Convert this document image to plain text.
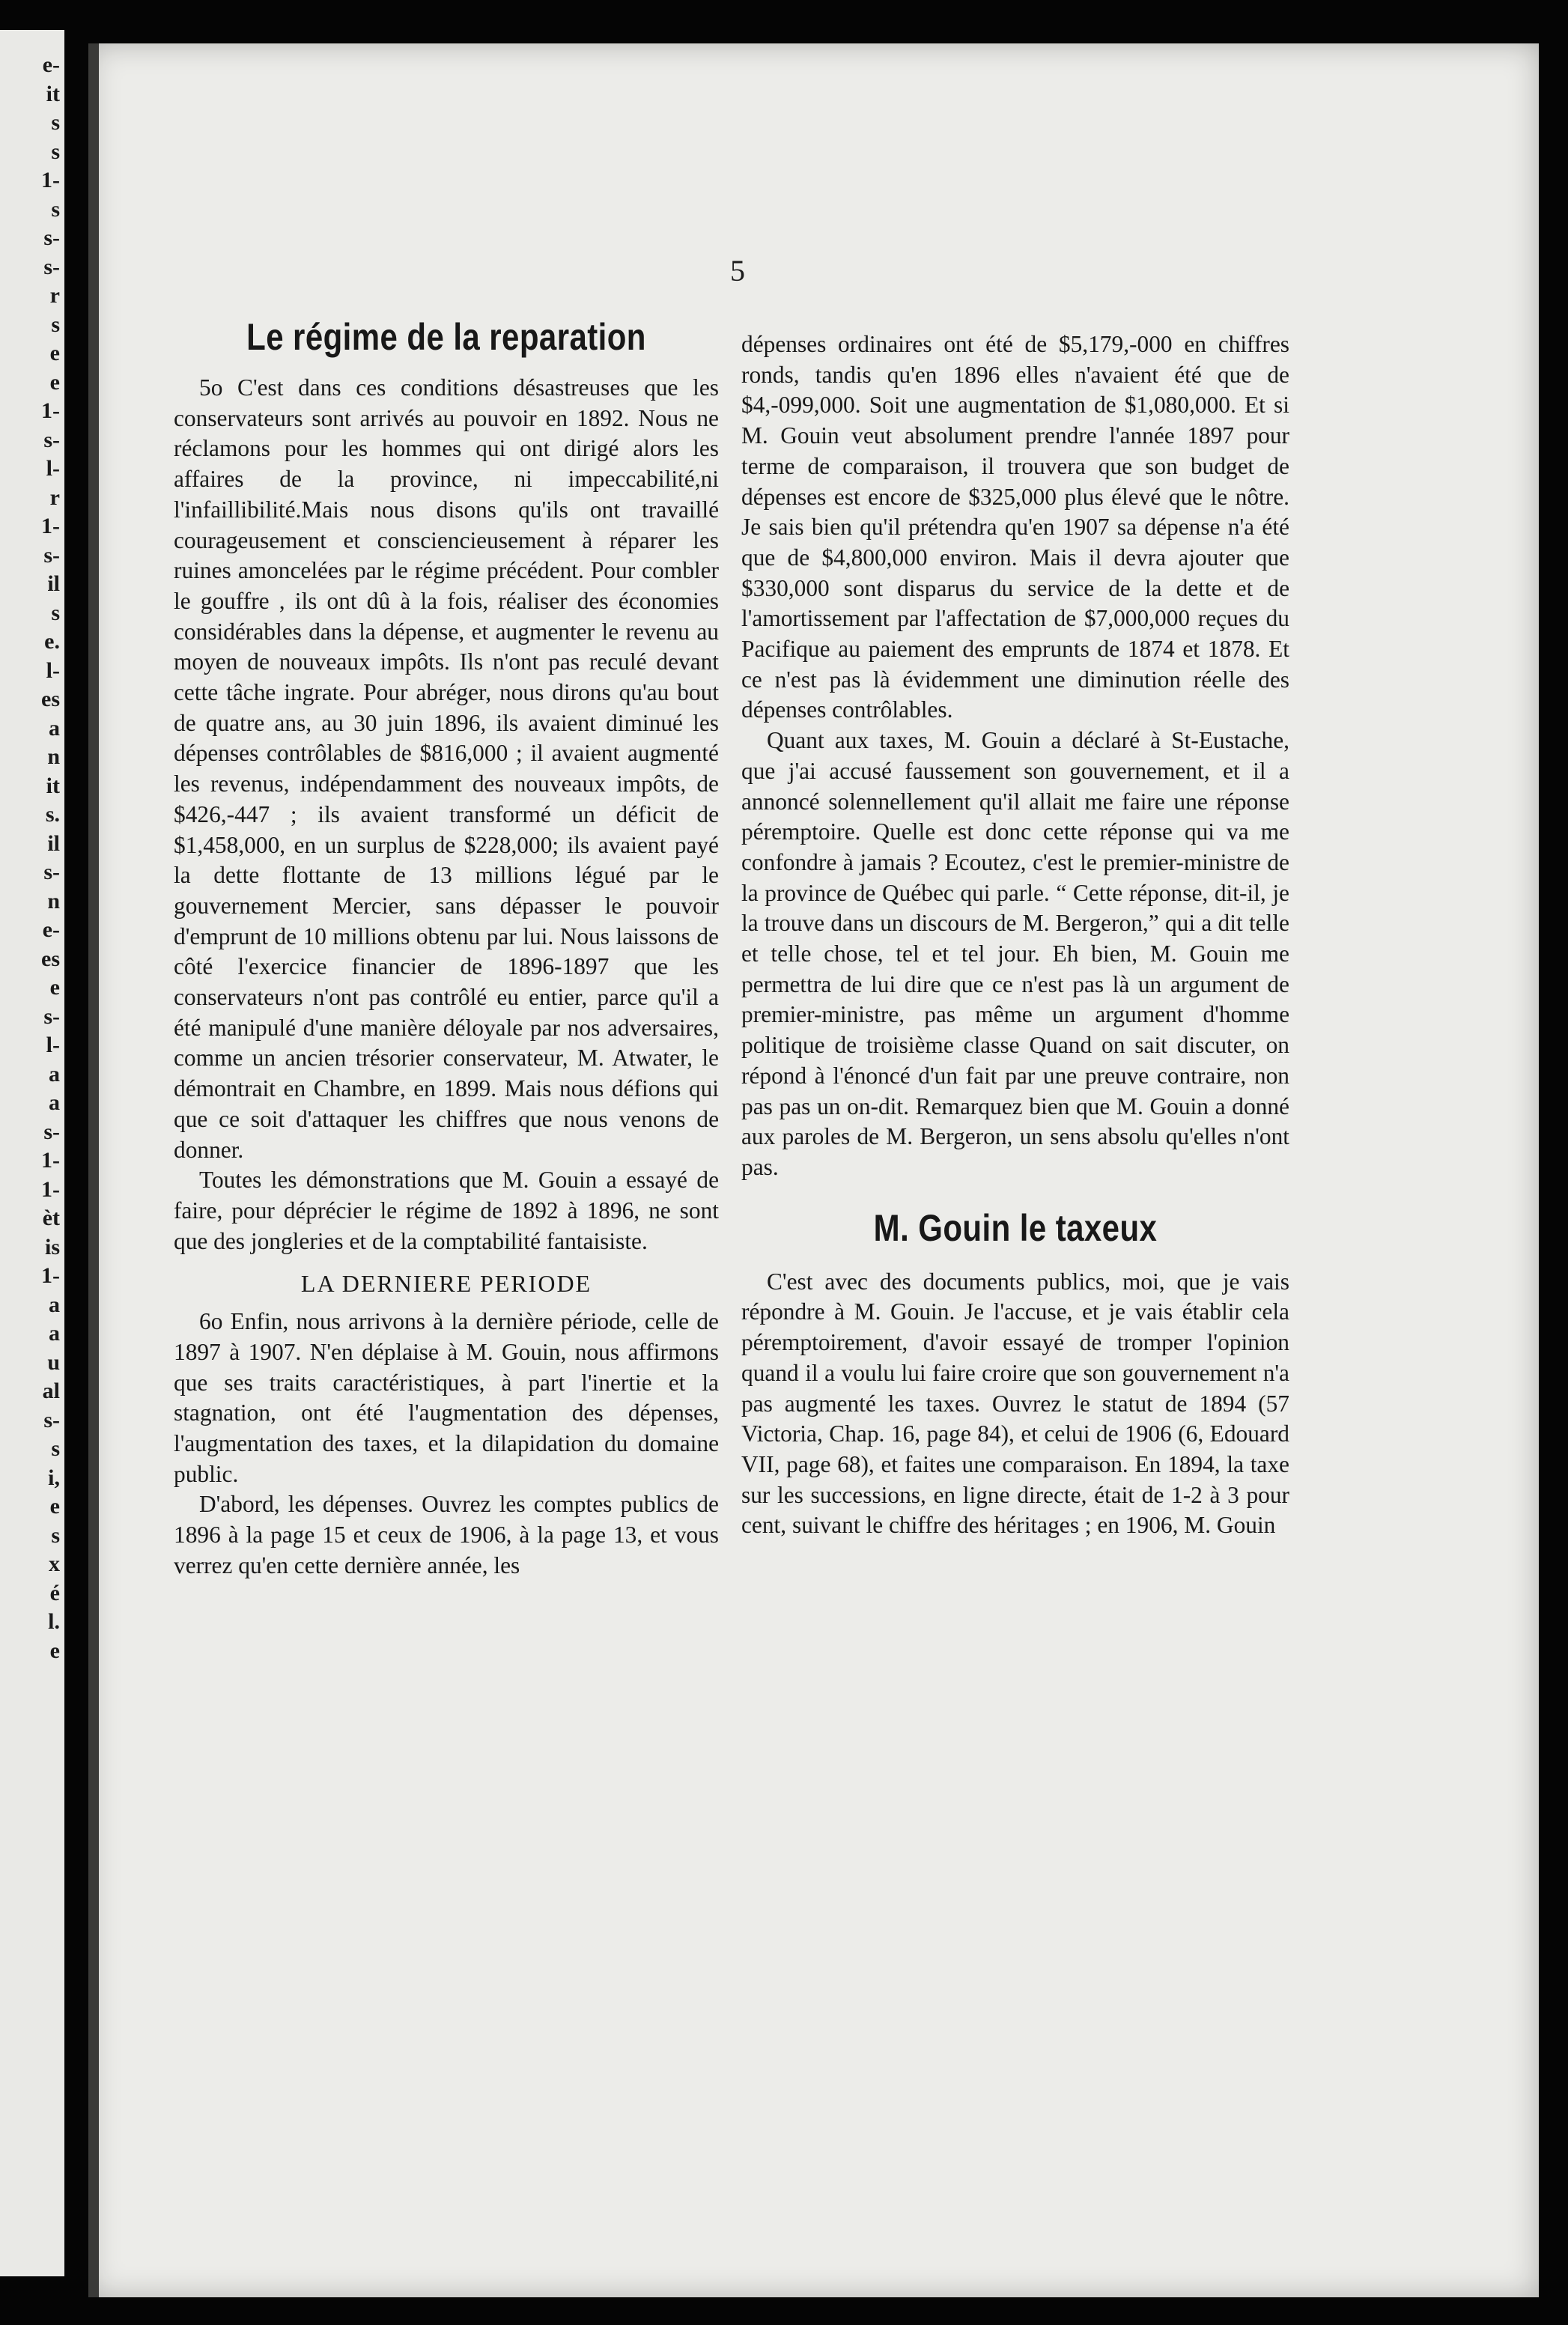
e-
it
s
s
1-
s
s-
s-
r
s
e
e
1-
s-
l-
r
1-
s-
il
s
e.
l-
es
a
n
it
s.
il
s-
n
e-
es
e
s-
l-
a
a
s-
1-
1-
èt
is
1-
a
a
u
al
s-
s
i,
e
s
x
é
l.
e
5
Le régime de la reparation

5o C'est dans ces conditions désastreuses que les conservateurs sont arrivés au pouvoir en 1892. Nous ne réclamons pour les hommes qui ont dirigé alors les affaires de la province, ni impeccabilité,ni l'infaillibilité.Mais nous disons qu'ils ont travaillé courageusement et consciencieusement à réparer les ruines amoncelées par le régime précédent. Pour combler le gouffre , ils ont dû à la fois, réaliser des économies considérables dans la dépense, et augmenter le revenu au moyen de nouveaux impôts. Ils n'ont pas reculé devant cette tâche ingrate. Pour abréger, nous dirons qu'au bout de quatre ans, au 30 juin 1896, ils avaient diminué les dépenses contrôlables de $816,000 ; il avaient augmenté les revenus, indépendamment des nouveaux impôts, de $426,-447 ; ils avaient transformé un déficit de $1,458,000, en un surplus de $228,000; ils avaient payé la dette flottante de 13 millions légué par le gouvernement Mercier, sans dépasser le pouvoir d'emprunt de 10 millions obtenu par lui. Nous laissons de côté l'exercice financier de 1896-1897 que les conservateurs n'ont pas contrôlé eu entier, parce qu'il a été manipulé d'une manière déloyale par nos adversaires, comme un ancien trésorier conservateur, M. Atwater, le démontrait en Chambre, en 1899. Mais nous défions qui que ce soit d'attaquer les chiffres que nous venons de donner.

Toutes les démonstrations que M. Gouin a essayé de faire, pour déprécier le régime de 1892 à 1896, ne sont que des jongleries et de la comptabilité fantaisiste.

LA DERNIERE PERIODE

6o Enfin, nous arrivons à la dernière période, celle de 1897 à 1907. N'en déplaise à M. Gouin, nous affirmons que ses traits caractéristiques, à part l'inertie et la stagnation, ont été l'augmentation des dépenses, l'augmentation des taxes, et la dilapidation du domaine public.

D'abord, les dépenses. Ouvrez les comptes publics de 1896 à la page 15 et ceux de 1906, à la page 13, et vous verrez qu'en cette dernière année, les

dépenses ordinaires ont été de $5,179,-000 en chiffres ronds, tandis qu'en 1896 elles n'avaient été que de $4,-099,000. Soit une augmentation de $1,080,000. Et si M. Gouin veut absolument prendre l'année 1897 pour terme de comparaison, il trouvera que son budget de dépenses est encore de $325,000 plus élevé que le nôtre. Je sais bien qu'il prétendra qu'en 1907 sa dépense n'a été que de $4,800,000 environ. Mais il devra ajouter que $330,000 sont disparus du service de la dette et de l'amortissement par l'affectation de $7,000,000 reçues du Pacifique au paiement des emprunts de 1874 et 1878. Et ce n'est pas là évidemment une diminution réelle des dépenses contrôlables.

Quant aux taxes, M. Gouin a déclaré à St-Eustache, que j'ai accusé faussement son gouvernement, et il a annoncé solennellement qu'il allait me faire une réponse péremptoire. Quelle est donc cette réponse qui va me confondre à jamais ? Ecoutez, c'est le premier-ministre de la province de Québec qui parle. “ Cette réponse, dit-il, je la trouve dans un discours de M. Bergeron,” qui a dit telle et telle chose, tel et tel jour. Eh bien, M. Gouin me permettra de lui dire que ce n'est pas là un argument de premier-ministre, pas même un argument d'homme politique de troisième classe Quand on sait discuter, on répond à l'énoncé d'un fait par une preuve contraire, non pas pas un on-dit. Remarquez bien que M. Gouin a donné aux paroles de M. Bergeron, un sens absolu qu'elles n'ont pas.

M. Gouin le taxeux

C'est avec des documents publics, moi, que je vais répondre à M. Gouin. Je l'accuse, et je vais établir cela péremptoirement, d'avoir essayé de tromper l'opinion quand il a voulu lui faire croire que son gouvernement n'a pas augmenté les taxes. Ouvrez le statut de 1894 (57 Victoria, Chap. 16, page 84), et celui de 1906 (6, Edouard VII, page 68), et faites une comparaison. En 1894, la taxe sur les successions, en ligne directe, était de 1-2 à 3 pour cent, suivant le chiffre des héritages ; en 1906, M. Gouin
